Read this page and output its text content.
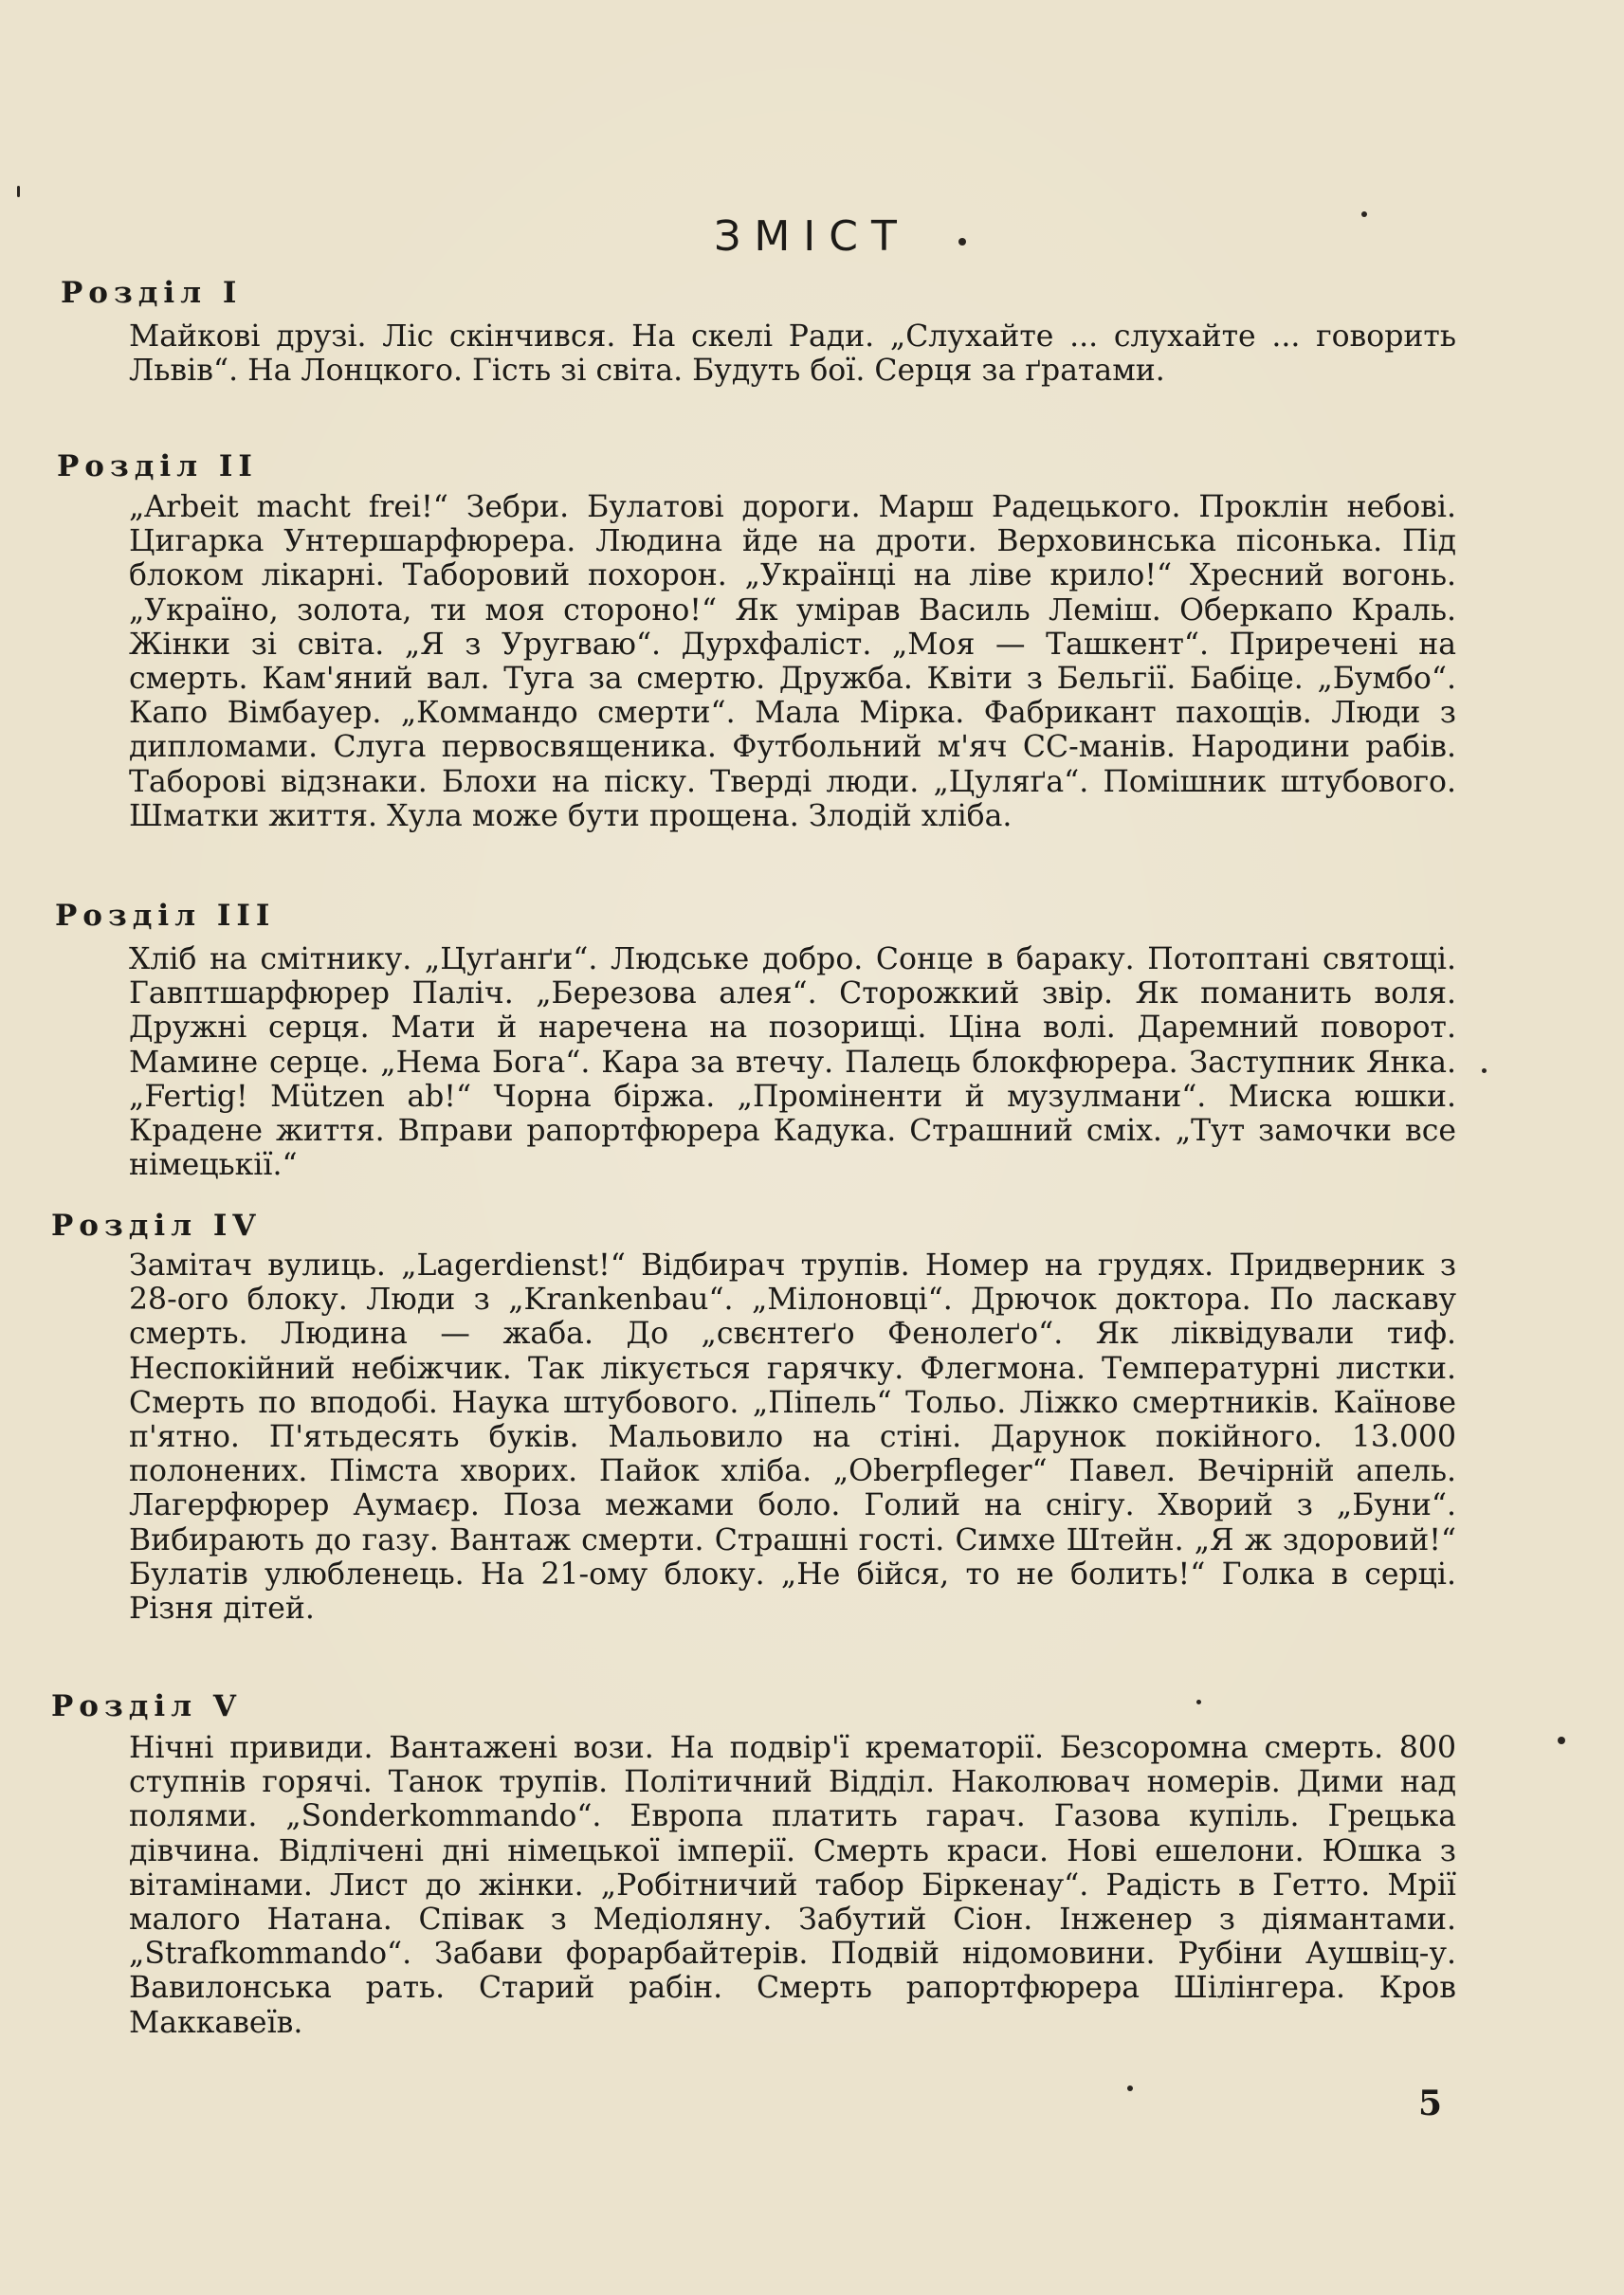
ЗМІСТ
Розділ І
Майкові друзі. Ліс скінчився. На скелі Ради. „Слухайте ... слухайте ... говорить Львів“. На Лонцкого. Гість зі світа. Будуть бої. Серця за ґратами.
Розділ II
„Arbeit macht frei!“ Зебри. Булатові дороги. Марш Радецького. Проклін небові. Цигарка Унтершарфюрера. Людина йде на дроти. Верховинська пісонька. Під блоком лікарні. Таборовий похорон. „Українці на ліве крило!“ Хресний вогонь. „Україно, золота, ти моя стороно!“ Як умірав Василь Леміш. Оберкапо Краль. Жінки зі світа. „Я з Уругваю“. Дурхфаліст. „Моя — Ташкент“. Приречені на смерть. Кам'яний вал. Туга за смертю. Дружба. Квіти з Бельгії. Бабіце. „Бумбо“. Капо Вімбауер. „Коммандо смерти“. Мала Мірка. Фабрикант пахощів. Люди з дипломами. Слуга первосвященика. Футбольний м'яч СС-манів. Народини рабів. Таборові відзнаки. Блохи на піску. Тверді люди. „Цуляґа“. Помішник штубового. Шматки життя. Хула може бути прощена. Злодій хліба.
Розділ III
Хліб на смітнику. „Цуґанґи“. Людське добро. Сонце в бараку. Потоптані святощі. Гавптшарфюрер Паліч. „Березова алея“. Сторожкий звір. Як поманить воля. Дружні серця. Мати й наречена на позорищі. Ціна волі. Даремний поворот. Мамине серце. „Нема Бога“. Кара за втечу. Палець блокфюрера. Заступник Янка. „Fertig! Mützen ab!“ Чорна біржа. „Проміненти й музулмани“. Миска юшки. Крадене життя. Вправи рапортфюрера Кадука. Страшний сміх. „Тут замочки все німецькії.“
Розділ IV
Замітач вулиць. „Lagerdienst!“ Відбирач трупів. Номер на грудях. Придверник з 28-ого блоку. Люди з „Krankenbau“. „Мілоновці“. Дрючок доктора. По ласкаву смерть. Людина — жаба. До „свєнтеґо Фенолеґо“. Як ліквідували тиф. Неспокійний небіжчик. Так лікується гарячку. Флегмона. Температурні листки. Смерть по вподобі. Наука штубового. „Піпель“ Тольо. Ліжко смертників. Каїнове п'ятно. П'ятьдесять буків. Мальовило на стіні. Дарунок покійного. 13.000 полонених. Пімста хворих. Пайок хліба. „Oberpfleger“ Павел. Вечірній апель. Лагерфюрер Аумаєр. Поза межами боло. Голий на снігу. Хворий з „Буни“. Вибирають до газу. Вантаж смерти. Страшні гості. Симхе Штейн. „Я ж здоровий!“ Булатів улюбленець. На 21-ому блоку. „Не бійся, то не болить!“ Голка в серці. Різня дітей.
Розділ V
Нічні привиди. Вантажені вози. На подвір'ї крематорії. Безсоромна смерть. 800 ступнів горячі. Танок трупів. Політичний Відділ. Наколювач номерів. Дими над полями. „Sonderkommando“. Европа платить гарач. Газова купіль. Грецька дівчина. Відлічені дні німецької імперії. Смерть краси. Нові ешелони. Юшка з вітамінами. Лист до жінки. „Робітничий табор Біркенау“. Радість в Гетто. Мрії малого Натана. Співак з Медіоляну. Забутий Сіон. Інженер з діямантами. „Strafkommando“. Забави форарбайтерів. Подвій нідомовини. Рубіни Аушвіц-у. Вавилонська рать. Старий рабін. Смерть рапортфюрера Шілінгера. Кров Маккавеїв.
5
